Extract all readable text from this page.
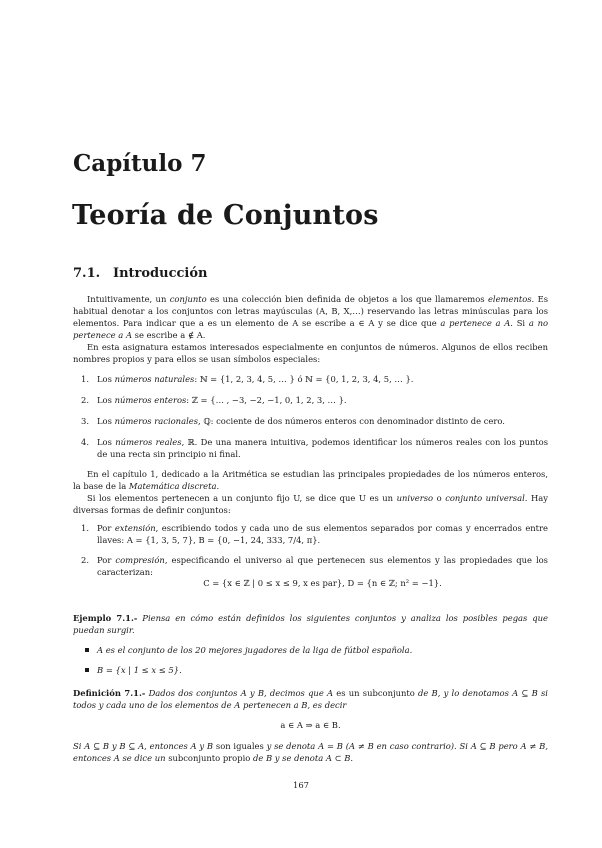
Capítulo 7
Teoría de Conjuntos
7.1. Introducción

Intuitivamente, un conjunto es una colección bien definida de objetos a los que llamaremos elementos. Es habitual denotar a los conjuntos con letras mayúsculas (A, B, X,…) reservando las letras minúsculas para los elementos. Para indicar que a es un elemento de A se escribe a ∈ A y se dice que a pertenece a A. Si a no pertenece a A se escribe a ∉ A.

En esta asignatura estamos interesados especialmente en conjuntos de números. Algunos de ellos reciben nombres propios y para ellos se usan símbolos especiales:

1. Los números naturales: ℕ = {1, 2, 3, 4, 5, … } ó ℕ = {0, 1, 2, 3, 4, 5, … }.
2. Los números enteros: ℤ = {… , −3, −2, −1, 0, 1, 2, 3, … }.
3. Los números racionales, ℚ: cociente de dos números enteros con denominador distinto de cero.
4. Los números reales, ℝ. De una manera intuitiva, podemos identificar los números reales con los puntos de una recta sin principio ni final.

En el capítulo 1, dedicado a la Aritmética se estudian las principales propiedades de los números enteros, la base de la Matemática discreta.

Si los elementos pertenecen a un conjunto fijo U, se dice que U es un universo o conjunto universal. Hay diversas formas de definir conjuntos:

1. Por extensión, escribiendo todos y cada uno de sus elementos separados por comas y encerrados entre llaves: A = {1, 3, 5, 7}, B = {0, −1, 24, 333, 7/4, π}.
2. Por compresión, especificando el universo al que pertenecen sus elementos y las propiedades que los caracterizan:
C = {x ∈ ℤ | 0 ≤ x ≤ 9, x es par}, D = {n ∈ ℤ; n² = −1}.

Ejemplo 7.1.- Piensa en cómo están definidos los siguientes conjuntos y analiza los posibles pegas que puedan surgir.

A es el conjunto de los 20 mejores jugadores de la liga de fútbol española.
B = {x | 1 ≤ x ≤ 5}.

Definición 7.1.- Dados dos conjuntos A y B, decimos que A es un subconjunto de B, y lo denotamos A ⊆ B si todos y cada uno de los elementos de A pertenecen a B, es decir

a ∈ A ⇒ a ∈ B.

Si A ⊆ B y B ⊆ A, entonces A y B son iguales y se denota A = B (A ≠ B en caso contrario). Si A ⊆ B pero A ≠ B, entonces A se dice un subconjunto propio de B y se denota A ⊂ B.

167
